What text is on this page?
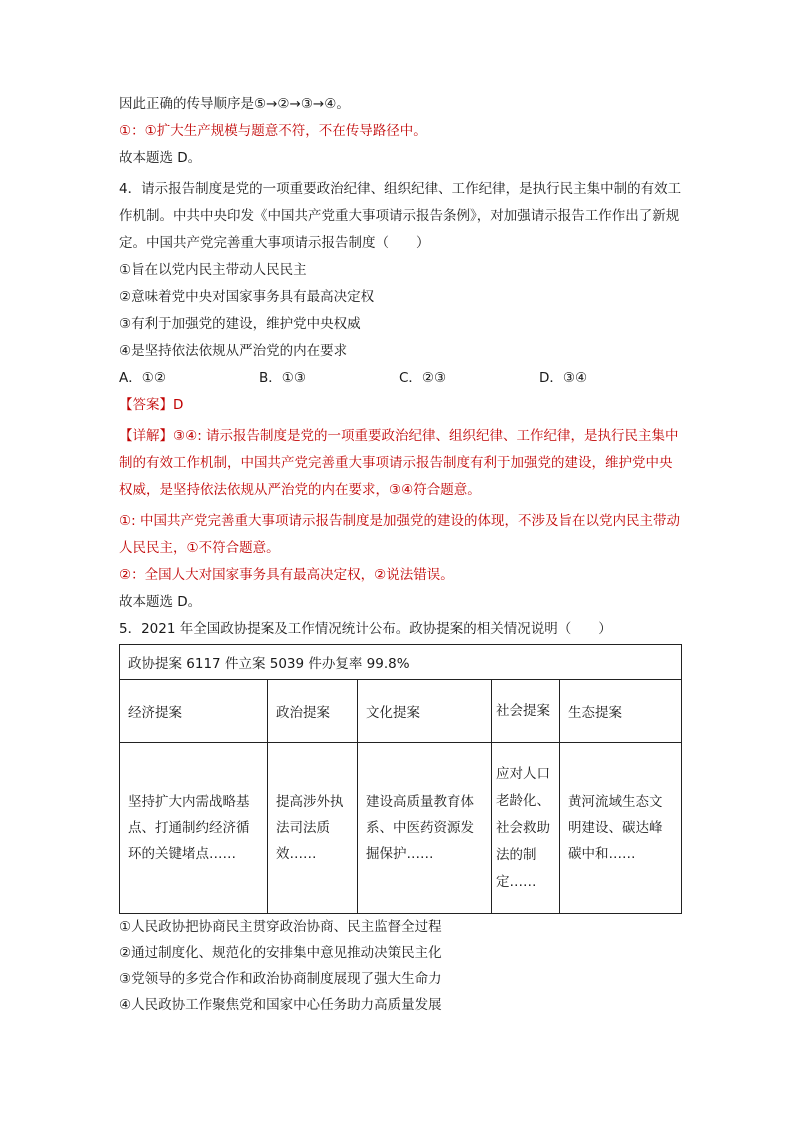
因此正确的传导顺序是⑤→②→③→④。
①：①扩大生产规模与题意不符，不在传导路径中。
故本题选 D。
4．请示报告制度是党的一项重要政治纪律、组织纪律、工作纪律，是执行民主集中制的有效工作机制。中共中央印发《中国共产党重大事项请示报告条例》，对加强请示报告工作作出了新规定。中国共产党完善重大事项请示报告制度（　　）
①旨在以党内民主带动人民民主
②意味着党中央对国家事务具有最高决定权
③有利于加强党的建设，维护党中央权威
④是坚持依法依规从严治党的内在要求
A．①②	B．①③	C．②③	D．③④
【答案】D
【详解】③④: 请示报告制度是党的一项重要政治纪律、组织纪律、工作纪律，是执行民主集中制的有效工作机制，中国共产党完善重大事项请示报告制度有利于加强党的建设，维护党中央权威，是坚持依法依规从严治党的内在要求，③④符合题意。
①: 中国共产党完善重大事项请示报告制度是加强党的建设的体现，不涉及旨在以党内民主带动人民民主，①不符合题意。
②：全国人大对国家事务具有最高决定权，②说法错误。
故本题选 D。
5．2021 年全国政协提案及工作情况统计公布。政协提案的相关情况说明（　　）
政协提案 6117 件立案 5039 件办复率 99.8%				
经济提案	政治提案	文化提案	社会提案	生态提案
坚持扩大内需战略基点、打通制约经济循环的关键堵点……	提高涉外执法司法质效……	建设高质量教育体系、中医药资源发掘保护……	应对人口老龄化、社会救助法的制定……	黄河流域生态文明建设、碳达峰碳中和……
①人民政协把协商民主贯穿政治协商、民主监督全过程
②通过制度化、规范化的安排集中意见推动决策民主化
③党领导的多党合作和政治协商制度展现了强大生命力
④人民政协工作聚焦党和国家中心任务助力高质量发展
